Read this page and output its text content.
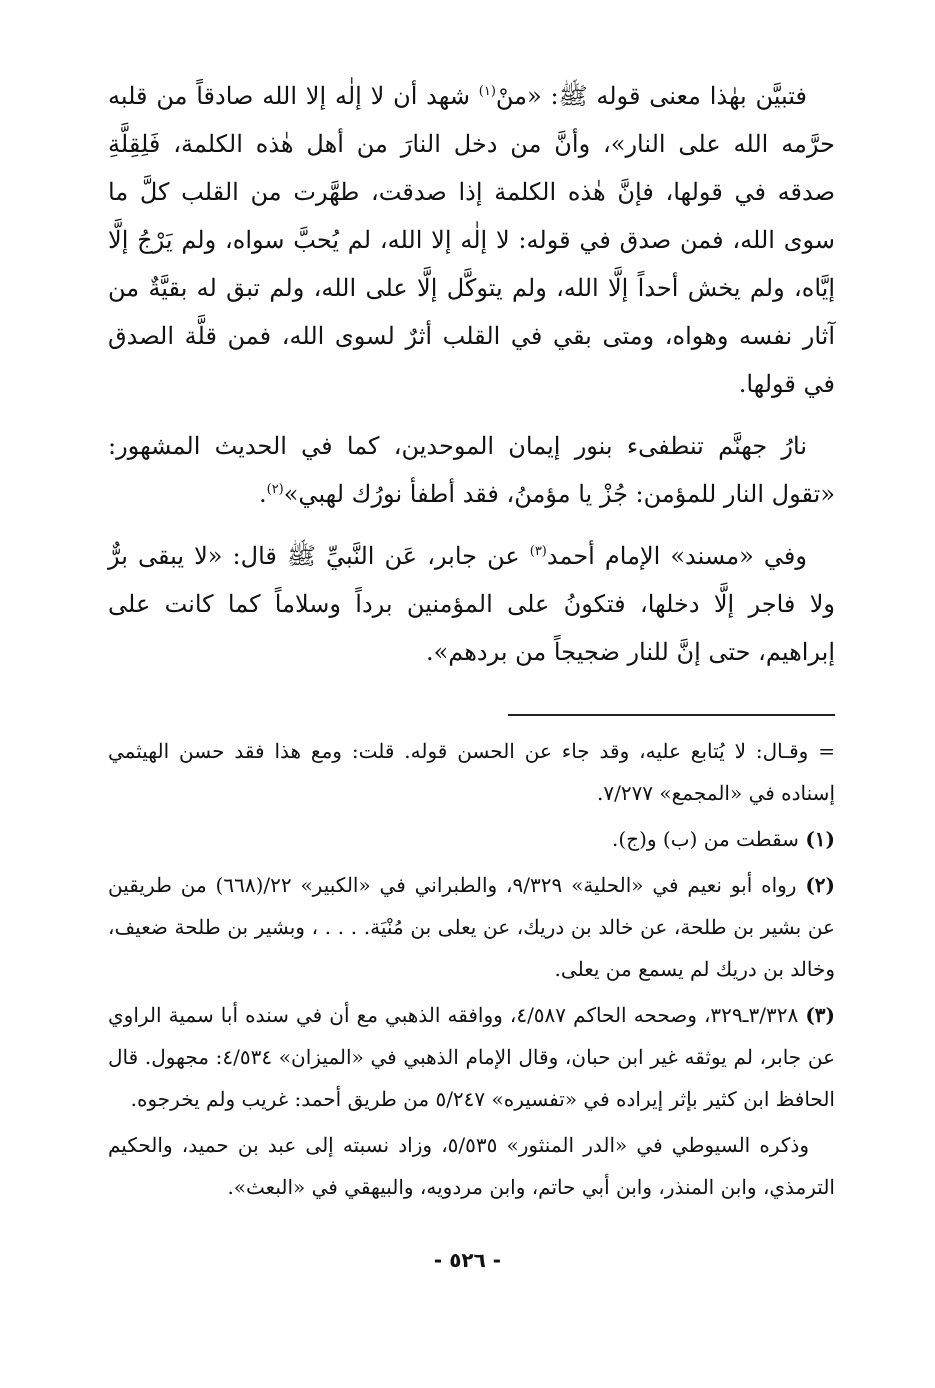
فتبيَّن بهٰذا معنى قوله ﷺ: «منْ$^{(١)}$ شهد أن لا إلٰه إلا الله صادقاً من قلبه حرَّمه الله على النار»، وأنَّ من دخل النارَ من أهل هٰذه الكلمة، فَلِقِلَّةِ صدقه في قولها، فإنَّ هٰذه الكلمة إذا صدقت، طهَّرت من القلب كلَّ ما سوى الله، فمن صدق في قوله: لا إلٰه إلا الله، لم يُحبَّ سواه، ولم يَرْجُ إلَّا إيَّاه، ولم يخش أحداً إلَّا الله، ولم يتوكَّل إلَّا على الله، ولم تبق له بقيَّةٌ من آثار نفسه وهواه، ومتى بقي في القلب أثرٌ لسوى الله، فمن قلَّة الصدق في قولها.

نارُ جهنَّم تنطفىء بنور إيمان الموحدين، كما في الحديث المشهور: «تقول النار للمؤمن: جُزْ يا مؤمنُ، فقد أطفأ نورُك لهبي»$^{(٢)}$.

وفي «مسند» الإمام أحمد$^{(٣)}$ عن جابر، عَن النَّبيِّ ﷺ قال: «لا يبقى برٌّ ولا فاجر إلَّا دخلها، فتكونُ على المؤمنين برداً وسلاماً كما كانت على إبراهيم، حتى إنَّ للنار ضجيجاً من بردهم».

= وقـال: لا يُتابع عليه، وقد جاء عن الحسن قوله. قلت: ومع هذا فقد حسن الهيثمي إسناده في «المجمع» ٧/٢٧٧.

(١) سقطت من (ب) و(ج).

(٢) رواه أبو نعيم في «الحلية» ٩/٣٢٩، والطبراني في «الكبير» ٢٢/(٦٦٨) من طريقين عن بشير بن طلحة، عن خالد بن دريك، عن يعلى بن مُنْيَة. . . . ، وبشير بن طلحة ضعيف، وخالد بن دريك لم يسمع من يعلى.

(٣) ٣/٣٢٨ـ٣٢٩، وصححه الحاكم ٤/٥٨٧، ووافقه الذهبي مع أن في سنده أبا سمية الراوي عن جابر، لم يوثقه غير ابن حبان، وقال الإمام الذهبي في «الميزان» ٤/٥٣٤: مجهول. قال الحافظ ابن كثير بإثر إيراده في «تفسيره» ٥/٢٤٧ من طريق أحمد: غريب ولم يخرجوه.

وذكره السيوطي في «الدر المنثور» ٥/٥٣٥، وزاد نسبته إلى عبد بن حميد، والحكيم الترمذي، وابن المنذر، وابن أبي حاتم، وابن مردويه، والبيهقي في «البعث».

- ٥٢٦ -
